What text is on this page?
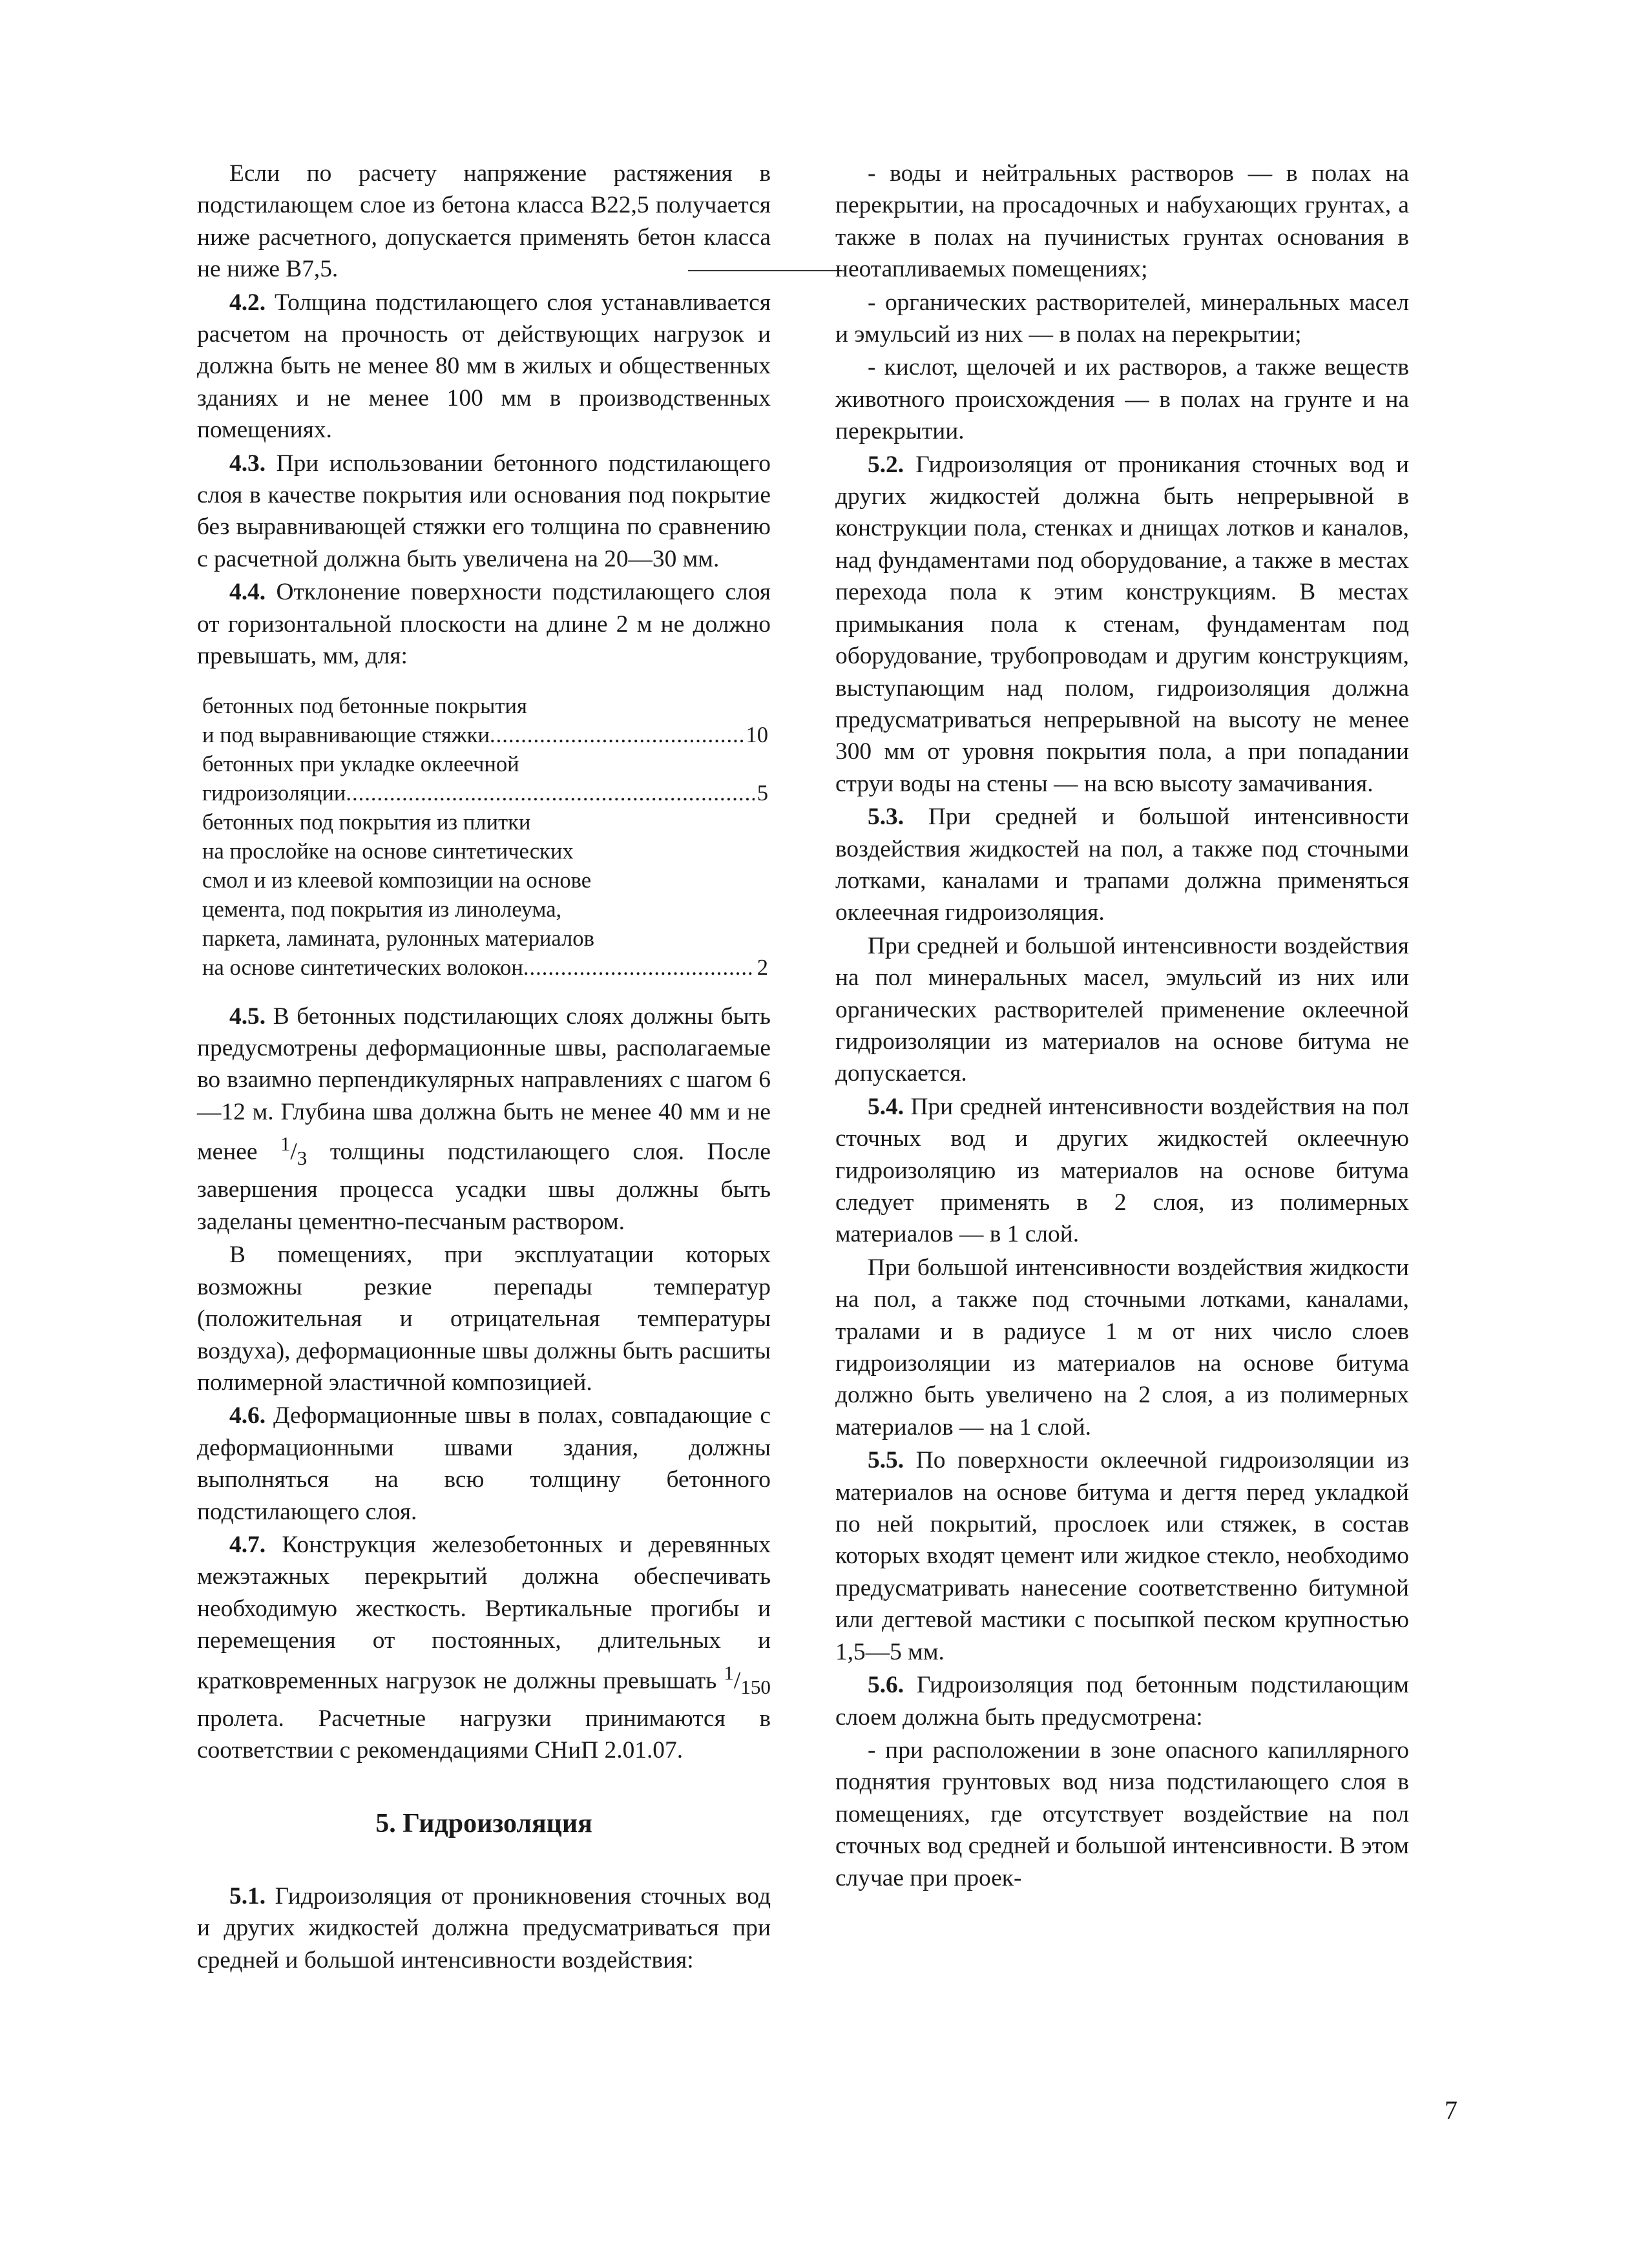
Если по расчету напряжение растяжения в подстилающем слое из бетона класса В22,5 получается ниже расчетного, допускается применять бетон класса не ниже В7,5.

4.2. Толщина подстилающего слоя устанавливается расчетом на прочность от действующих нагрузок и должна быть не менее 80 мм в жилых и общественных зданиях и не менее 100 мм в производственных помещениях.

4.3. При использовании бетонного подстилающего слоя в качестве покрытия или основания под покрытие без выравнивающей стяжки его толщина по сравнению с расчетной должна быть увеличена на 20—30 мм.

4.4. Отклонение поверхности подстилающего слоя от горизонтальной плоскости на длине 2 м не должно превышать, мм, для:

бетонных под бетонные покрытия
и под выравнивающие стяжки .....	10
бетонных при укладке оклеечной
гидроизоляции .....	5
бетонных под покрытия из плитки
на прослойке на основе синтетических
смол и из клеевой композиции на основе
цемента, под покрытия из линолеума,
паркета, ламината, рулонных материалов
на основе синтетических волокон .....	2

4.5. В бетонных подстилающих слоях должны быть предусмотрены деформационные швы, располагаемые во взаимно перпендикулярных направлениях с шагом 6—12 м. Глубина шва должна быть не менее 40 мм и не менее $^1/_3$ толщины подстилающего слоя. После завершения процесса усадки швы должны быть заделаны цементно-песчаным раствором.

В помещениях, при эксплуатации которых возможны резкие перепады температур (положительная и отрицательная температуры воздуха), деформационные швы должны быть расшиты полимерной эластичной композицией.

4.6. Деформационные швы в полах, совпадающие с деформационными швами здания, должны выполняться на всю толщину бетонного подстилающего слоя.

4.7. Конструкция железобетонных и деревянных межэтажных перекрытий должна обеспечивать необходимую жесткость. Вертикальные прогибы и перемещения от постоянных, длительных и кратковременных нагрузок не должны превышать $^1/_{150}$ пролета. Расчетные нагрузки принимаются в соответствии с рекомендациями СНиП 2.01.07.

5. Гидроизоляция

5.1. Гидроизоляция от проникновения сточных вод и других жидкостей должна предусматриваться при средней и большой интенсивности воздействия:

- воды и нейтральных растворов — в полах на перекрытии, на просадочных и набухающих грунтах, а также в полах на пучинистых грунтах основания в неотапливаемых помещениях;

- органических растворителей, минеральных масел и эмульсий из них — в полах на перекрытии;

- кислот, щелочей и их растворов, а также веществ животного происхождения — в полах на грунте и на перекрытии.

5.2. Гидроизоляция от проникания сточных вод и других жидкостей должна быть непрерывной в конструкции пола, стенках и днищах лотков и каналов, над фундаментами под оборудование, а также в местах перехода пола к этим конструкциям. В местах примыкания пола к стенам, фундаментам под оборудование, трубопроводам и другим конструкциям, выступающим над полом, гидроизоляция должна предусматриваться непрерывной на высоту не менее 300 мм от уровня покрытия пола, а при попадании струи воды на стены — на всю высоту замачивания.

5.3. При средней и большой интенсивности воздействия жидкостей на пол, а также под сточными лотками, каналами и трапами должна применяться оклеечная гидроизоляция.

При средней и большой интенсивности воздействия на пол минеральных масел, эмульсий из них или органических растворителей применение оклеечной гидроизоляции из материалов на основе битума не допускается.

5.4. При средней интенсивности воздействия на пол сточных вод и других жидкостей оклеечную гидроизоляцию из материалов на основе битума следует применять в 2 слоя, из полимерных материалов — в 1 слой.

При большой интенсивности воздействия жидкости на пол, а также под сточными лотками, каналами, тралами и в радиусе 1 м от них число слоев гидроизоляции из материалов на основе битума должно быть увеличено на 2 слоя, а из полимерных материалов — на 1 слой.

5.5. По поверхности оклеечной гидроизоляции из материалов на основе битума и дегтя перед укладкой по ней покрытий, прослоек или стяжек, в состав которых входят цемент или жидкое стекло, необходимо предусматривать нанесение соответственно битумной или дегтевой мастики с посыпкой песком крупностью 1,5—5 мм.

5.6. Гидроизоляция под бетонным подстилающим слоем должна быть предусмотрена:

- при расположении в зоне опасного капиллярного поднятия грунтовых вод низа подстилающего слоя в помещениях, где отсутствует воздействие на пол сточных вод средней и большой интенсивности. В этом случае при проек-

7
